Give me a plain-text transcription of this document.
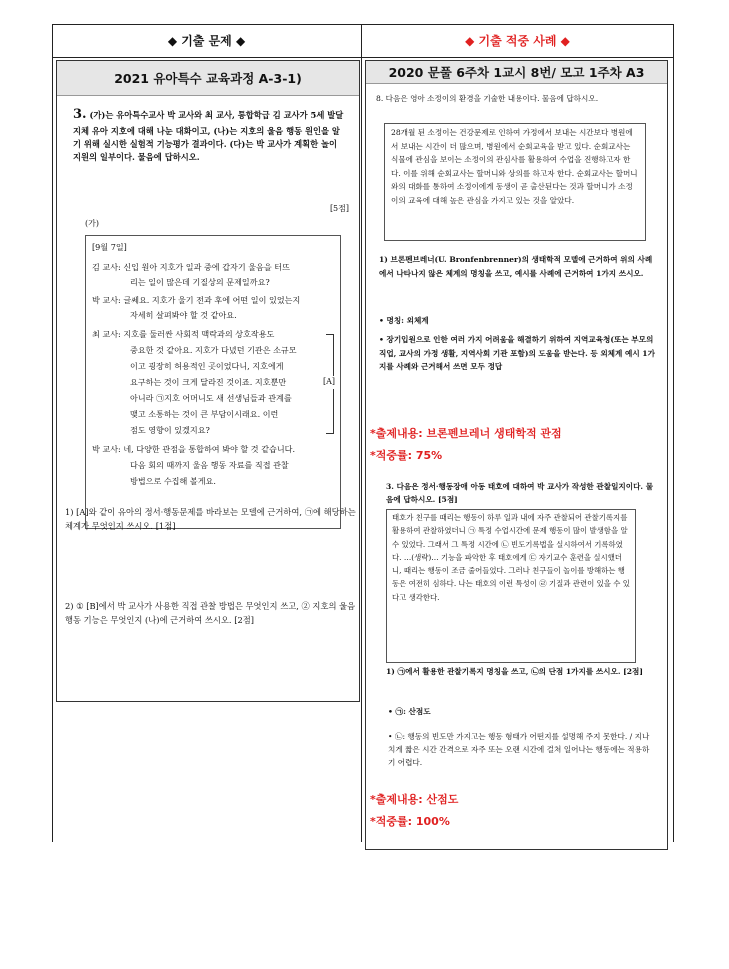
◆ 기출 문제 ◆	◆ 기출 적중 사례 ◆
2021 유아특수 교육과정 A-3-1)
3. (가)는 유아특수교사 박 교사와 최 교사, 통합학급 김 교사가 5세 발달지체 유아 지호에 대해 나눈 대화이고, (나)는 지호의 울음 행동 원인을 알기 위해 실시한 실험적 기능평가 결과이다. (다)는 박 교사가 계획한 놀이 지원의 일부이다. 물음에 답하시오.
[5점]
(가)
[9월 7일]
김 교사: 신입 원아 지호가 일과 중에 갑자기 울음을 터뜨
리는 일이 많은데 기질상의 문제일까요?
박 교사: 글쎄요. 지호가 울기 전과 후에 어떤 일이 있었는지
자세히 살펴봐야 할 것 같아요.
최 교사: 지호를 둘러싼 사회적 맥락과의 상호작용도
중요한 것 같아요. 지호가 다녔던 기관은 소규모
이고 굉장히 허용적인 곳이었다니, 지호에게
요구하는 것이 크게 달라진 것이죠. 지호뿐만
아니라 ㉠지호 어머니도 새 선생님들과 관계를
맺고 소통하는 것이 큰 부담이시래요. 이런
점도 영향이 있겠지요?
박 교사: 네, 다양한 관점을 통합하여 봐야 할 것 같습니다.
다음 회의 때까지 울음 행동 자료를 직접 관찰
방법으로 수집해 볼게요.
[A]
1) [A]와 같이 유아의 정서·행동문제를 바라보는 모델에 근거하여, ㉠에 해당하는 체계가 무엇인지 쓰시오. [1점]
2) ① [B]에서 박 교사가 사용한 직접 관찰 방법은 무엇인지 쓰고, ② 지호의 울음 행동 기능은 무엇인지 (나)에 근거하여 쓰시오. [2점]
2020 문풀 6주차 1교시 8번/ 모고 1주차 A3
8. 다음은 영아 소정이의 환경을 기술한 내용이다. 물음에 답하시오.
28개월 된 소정이는 건강문제로 인하여 가정에서 보내는 시간보다 병원에서 보내는 시간이 더 많으며, 병원에서 순회교육을 받고 있다. 순회교사는 식물에 관심을 보이는 소정이의 관심사를 활용하여 수업을 진행하고자 한다. 이를 위해 순회교사는 할머니와 상의를 하고자 한다. 순회교사는 할머니와의 대화를 통하여 소정이에게 동생이 곧 출산된다는 것과 할머니가 소정이의 교육에 대해 높은 관심을 가지고 있는 것을 알았다.
1) 브론펜브레너(U. Bronfenbrenner)의 생태학적 모델에 근거하여 위의 사례에서 나타나지 않은 체계의 명칭을 쓰고, 예시를 사례에 근거하여 1가지 쓰시오.
• 명칭: 외체계
• 장기입원으로 인한 여러 가지 어려움을 해결하기 위하여 지역교육청(또는 부모의 직업, 교사의 가정 생활, 지역사회 기관 포함)의 도움을 받는다. 등 외체계 예시 1가지를 사례와 근거해서 쓰면 모두 정답
*출제내용: 브론펜브레너 생태학적 관점
*적중률: 75%
3. 다음은 정서·행동장애 아동 태호에 대하여 박 교사가 작성한 관찰일지이다. 물음에 답하시오. [5점]
태호가 친구를 때리는 행동이 하루 일과 내에 자주 관찰되어 관찰기록지를 활용하여 관찰하였더니 ㉠ 특정 수업시간에 문제 행동이 많이 발생함을 알 수 있었다. 그래서 그 특정 시간에 ㉡ 빈도기록법을 실시하여서 기록하였다. …(생략)… 기능을 파악한 후 태호에게 ㉢ 자기교수 훈련을 실시했더니, 때리는 행동이 조금 줄어들었다. 그러나 친구들이 놀이를 방해하는 행동은 여전히 심하다. 나는 태호의 이런 특성이 ㉣ 기질과 관련이 있을 수 있다고 생각한다.
1) ㉠에서 활용한 관찰기록지 명칭을 쓰고, ㉡의 단점 1가지를 쓰시오. [2점]
• ㉠: 산점도
• ㉡: 행동의 빈도만 가지고는 행동 형태가 어떤지를 설명해 주지 못한다. / 지나치게 짧은 시간 간격으로 자주 또는 오랜 시간에 걸쳐 일어나는 행동에는 적용하기 어렵다.
*출제내용: 산점도
*적중률: 100%
